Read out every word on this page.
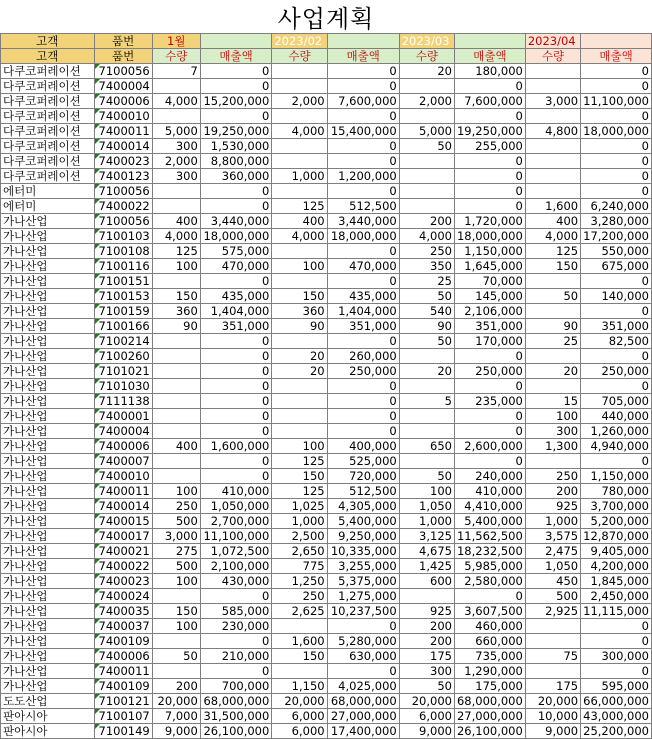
사업계획
고객	품번	1월		2023/02		2023/03		2023/04	
고객	품번	수량	매출액	수량	매출액	수량	매출액	수량	매출액
다쿠코퍼레이션	7100056	7	0		0	20	180,000		0
다쿠코퍼레이션	7400004		0		0		0		0
다쿠코퍼레이션	7400006	4,000	15,200,000	2,000	7,600,000	2,000	7,600,000	3,000	11,100,000
다쿠코퍼레이션	7400010		0		0		0		0
다쿠코퍼레이션	7400011	5,000	19,250,000	4,000	15,400,000	5,000	19,250,000	4,800	18,000,000
다쿠코퍼레이션	7400014	300	1,530,000		0	50	255,000		0
다쿠코퍼레이션	7400023	2,000	8,800,000		0		0		0
다쿠코퍼레이션	7400123	300	360,000	1,000	1,200,000		0		0
에터미	7100056		0		0		0		0
에터미	7400022		0	125	512,500		0	1,600	6,240,000
가나산업	7100056	400	3,440,000	400	3,440,000	200	1,720,000	400	3,280,000
가나산업	7100103	4,000	18,000,000	4,000	18,000,000	4,000	18,000,000	4,000	17,200,000
가나산업	7100108	125	575,000		0	250	1,150,000	125	550,000
가나산업	7100116	100	470,000	100	470,000	350	1,645,000	150	675,000
가나산업	7100151		0		0	25	70,000		0
가나산업	7100153	150	435,000	150	435,000	50	145,000	50	140,000
가나산업	7100159	360	1,404,000	360	1,404,000	540	2,106,000		0
가나산업	7100166	90	351,000	90	351,000	90	351,000	90	351,000
가나산업	7100214		0		0	50	170,000	25	82,500
가나산업	7100260		0	20	260,000		0		0
가나산업	7101021		0	20	250,000	20	250,000	20	250,000
가나산업	7101030		0		0		0		0
가나산업	7111138		0		0	5	235,000	15	705,000
가나산업	7400001		0		0		0	100	440,000
가나산업	7400004		0		0		0	300	1,260,000
가나산업	7400006	400	1,600,000	100	400,000	650	2,600,000	1,300	4,940,000
가나산업	7400007		0	125	525,000		0		0
가나산업	7400010		0	150	720,000	50	240,000	250	1,150,000
가나산업	7400011	100	410,000	125	512,500	100	410,000	200	780,000
가나산업	7400014	250	1,050,000	1,025	4,305,000	1,050	4,410,000	925	3,700,000
가나산업	7400015	500	2,700,000	1,000	5,400,000	1,000	5,400,000	1,000	5,200,000
가나산업	7400017	3,000	11,100,000	2,500	9,250,000	3,125	11,562,500	3,575	12,870,000
가나산업	7400021	275	1,072,500	2,650	10,335,000	4,675	18,232,500	2,475	9,405,000
가나산업	7400022	500	2,100,000	775	3,255,000	1,425	5,985,000	1,050	4,200,000
가나산업	7400023	100	430,000	1,250	5,375,000	600	2,580,000	450	1,845,000
가나산업	7400024		0	250	1,275,000		0	500	2,450,000
가나산업	7400035	150	585,000	2,625	10,237,500	925	3,607,500	2,925	11,115,000
가나산업	7400037	100	230,000		0	200	460,000		0
가나산업	7400109		0	1,600	5,280,000	200	660,000		0
가나산업	7400006	50	210,000	150	630,000	175	735,000	75	300,000
가나산업	7400011		0		0	300	1,290,000		0
가나산업	7400109	200	700,000	1,150	4,025,000	50	175,000	175	595,000
도도산업	7100121	20,000	68,000,000	20,000	68,000,000	20,000	68,000,000	20,000	66,000,000
판아시아	7100107	7,000	31,500,000	6,000	27,000,000	6,000	27,000,000	10,000	43,000,000
판아시아	7100149	9,000	26,100,000	6,000	17,400,000	9,000	26,100,000	9,000	25,200,000
